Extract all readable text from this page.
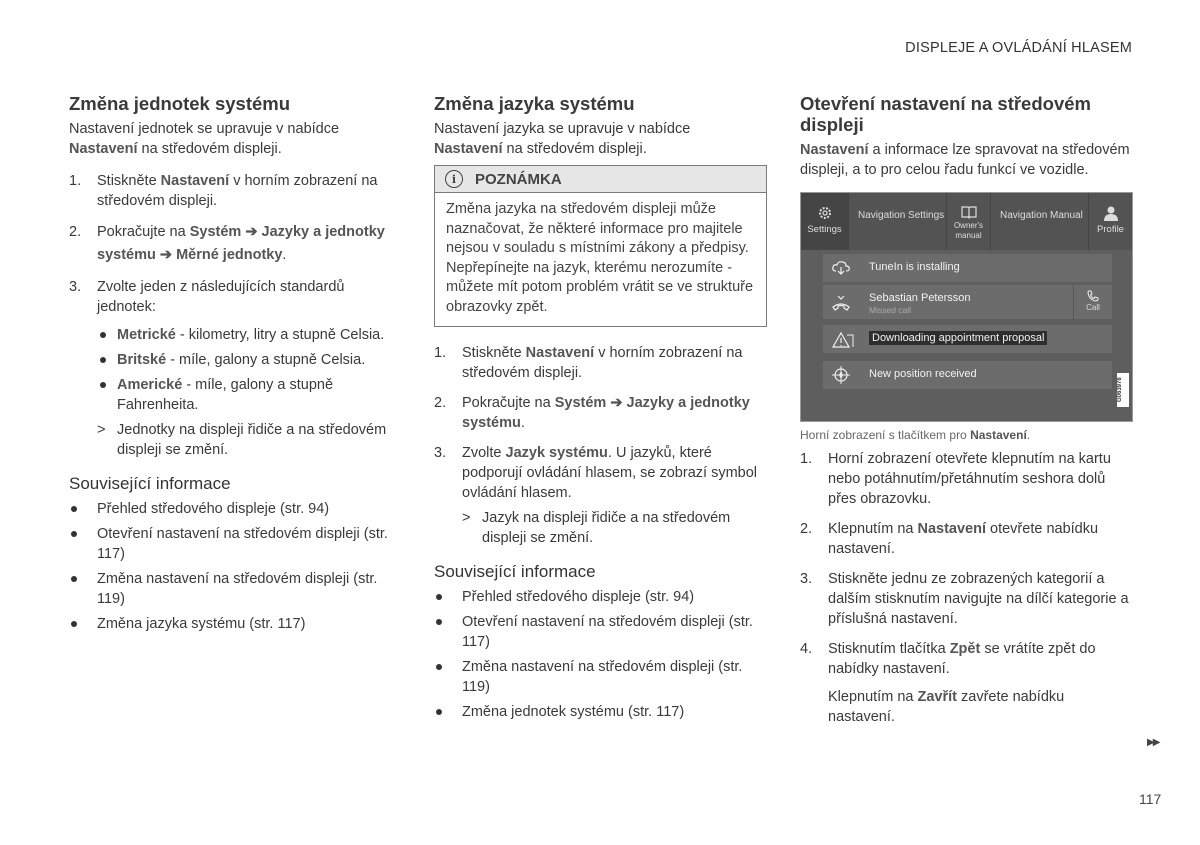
DISPLEJE A OVLÁDÁNÍ HLASEM
Změna jednotek systému

Nastavení jednotek se upravuje v nabídce
Nastavení na středovém displeji.

1. Stiskněte Nastavení v horním zobrazení na středovém displeji.
2. Pokračujte na Systém ➔ Jazyky a jednotky systému ➔ Měrné jednotky.
3. Zvolte jeden z následujících standardů jednotek:
Metrické - kilometry, litry a stupně Celsia.
Britské - míle, galony a stupně Celsia.
Americké - míle, galony a stupně Fahrenheita.
> Jednotky na displeji řidiče a na středovém displeji se změní.
Související informace
Přehled středového displeje (str. 94)
Otevření nastavení na středovém displeji (str. 117)
Změna nastavení na středovém displeji (str. 119)
Změna jazyka systému (str. 117)
Změna jazyka systému

Nastavení jazyka se upravuje v nabídce
Nastavení na středovém displeji.

i	POZNÁMKA
Změna jazyka na středovém displeji může naznačovat, že některé informace pro majitele nejsou v souladu s místními zákony a předpisy. Nepřepínejte na jazyk, kterému nerozumíte - můžete mít potom problém vrátit se ve struktuře obrazovky zpět.
1. Stiskněte Nastavení v horním zobrazení na středovém displeji.
2. Pokračujte na Systém ➔ Jazyky a jednotky systému.
3. Zvolte Jazyk systému. U jazyků, které podporují ovládání hlasem, se zobrazí symbol ovládání hlasem.
> Jazyk na displeji řidiče a na středovém displeji se změní.
Související informace
Přehled středového displeje (str. 94)
Otevření nastavení na středovém displeji (str. 117)
Změna nastavení na středovém displeji (str. 119)
Změna jednotek systému (str. 117)
Otevření nastavení na středovém displeji

Nastavení a informace lze spravovat na středovém displeji, a to pro celou řadu funkcí ve vozidle.

Settings
Navigation Settings
Owner's manual
Navigation Manual
Profile
TuneIn is installing
Sebastian Petersson
Missed call	Call
Downloading appointment proposal
New position received
G063978
Horní zobrazení s tlačítkem pro Nastavení.
1. Horní zobrazení otevřete klepnutím na kartu nebo potáhnutím/přetáhnutím seshora dolů přes obrazovku.
2. Klepnutím na Nastavení otevřete nabídku nastavení.
3. Stiskněte jednu ze zobrazených kategorií a dalším stisknutím navigujte na dílčí kategorie a příslušná nastavení.
4. Stisknutím tlačítka Zpět se vrátíte zpět do nabídky nastavení.

Klepnutím na Zavřít zavřete nabídku nastavení.

▶▶
117
